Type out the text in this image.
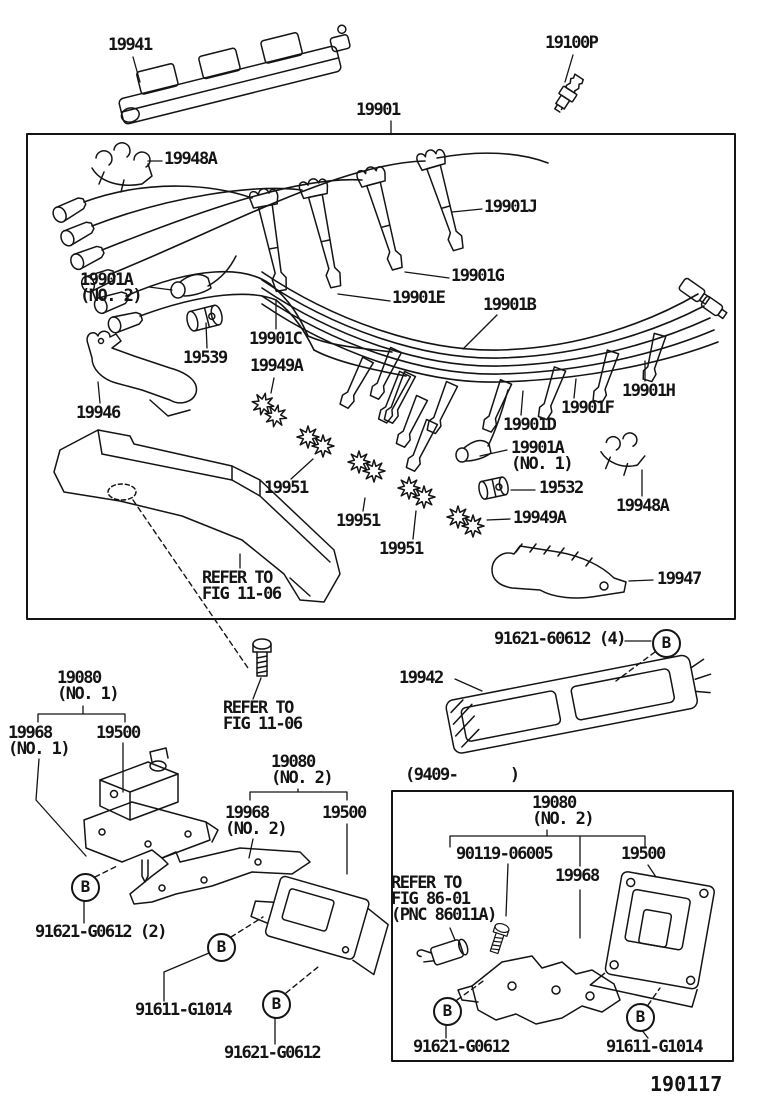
19941	19100P
19901
19948A
19901J
19901A
(NO. 2)
19901G
19901E 19901B
19901C
19539 19949A
19946
19901H
19901F
19901D
19901A
(NO. 1)
19951	19532
19948A
19949A
19951
19951
REFER TO
FIG 11-06
19947
91621-60612 (4)
19942
19080
(NO. 1)
REFER TO
FIG 11-06
19968
(NO. 1)
19500
19080
(NO. 2)	(9409-      )
19080
(NO. 2)
19968
(NO. 2)
19500
90119-06005
19968
19500
REFER TO
FIG 86-01
(PNC 86011A)
91621-G0612 (2)
91611-G1014
91621-G0612	91621-G0612	91611-G1014
190117
B
B
B
B	B	B
